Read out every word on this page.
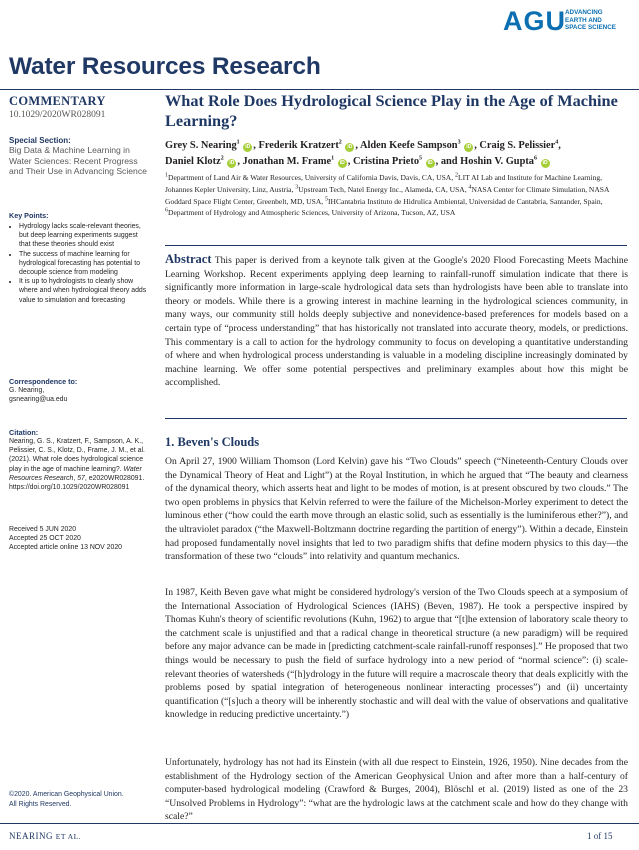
AGU ADVANCING
EARTH AND
SPACE SCIENCE
Water Resources Research
COMMENTARY
10.1029/2020WR028091
Special Section:
Big Data & Machine Learning in Water Sciences: Recent Progress and Their Use in Advancing Science
Key Points:
• Hydrology lacks scale-relevant theories, but deep learning experiments suggest that these theories should exist
• The success of machine learning for hydrological forecasting has potential to decouple science from modeling
• It is up to hydrologists to clearly show where and when hydrological theory adds value to simulation and forecasting
Correspondence to:
G. Nearing,
gsnearing@ua.edu
Citation:
Nearing, G. S., Kratzert, F., Sampson, A. K., Pelissier, C. S., Klotz, D., Frame, J. M., et al. (2021). What role does hydrological science play in the age of machine learning?. Water Resources Research, 57, e2020WR028091. https://doi.org/10.1029/2020WR028091
Received 5 JUN 2020
Accepted 25 OCT 2020
Accepted article online 13 NOV 2020
©2020. American Geophysical Union.
All Rights Reserved.
What Role Does Hydrological Science Play in the Age of Machine Learning?
Grey S. Nearing$^1$ iD , Frederik Kratzert$^2$ iD , Alden Keefe Sampson$^3$ iD , Craig S. Pelissier$^4$,
Daniel Klotz$^2$ iD , Jonathan M. Frame$^1$ iD , Cristina Prieto$^5$ iD , and Hoshin V. Gupta$^6$ iD
$^1$Department of Land Air & Water Resources, University of California Davis, Davis, CA, USA, $^2$LIT AI Lab and Institute for Machine Learning, Johannes Kepler University, Linz, Austria, $^3$Upstream Tech, Natel Energy Inc., Alameda, CA, USA, $^4$NASA Center for Climate Simulation, NASA Goddard Space Flight Center, Greenbelt, MD, USA, $^5$IHCantabria Instituto de Hidrulica Ambiental, Universidad de Cantabria, Santander, Spain, $^6$Department of Hydrology and Atmospheric Sciences, University of Arizona, Tucson, AZ, USA
Abstract This paper is derived from a keynote talk given at the Google's 2020 Flood Forecasting Meets Machine Learning Workshop. Recent experiments applying deep learning to rainfall-runoff simulation indicate that there is significantly more information in large-scale hydrological data sets than hydrologists have been able to translate into theory or models. While there is a growing interest in machine learning in the hydrological sciences community, in many ways, our community still holds deeply subjective and nonevidence-based preferences for models based on a certain type of “process understanding” that has historically not translated into accurate theory, models, or predictions. This commentary is a call to action for the hydrology community to focus on developing a quantitative understanding of where and when hydrological process understanding is valuable in a modeling discipline increasingly dominated by machine learning. We offer some potential perspectives and preliminary examples about how this might be accomplished.
1. Beven's Clouds
On April 27, 1900 William Thomson (Lord Kelvin) gave his “Two Clouds” speech (“Nineteenth-Century Clouds over the Dynamical Theory of Heat and Light”) at the Royal Institution, in which he argued that “The beauty and clearness of the dynamical theory, which asserts heat and light to be modes of motion, is at present obscured by two clouds.” The two open problems in physics that Kelvin referred to were the failure of the Michelson-Morley experiment to detect the luminous ether (“how could the earth move through an elastic solid, such as essentially is the luminiferous ether?”), and the ultraviolet paradox (“the Maxwell-Boltzmann doctrine regarding the partition of energy”). Within a decade, Einstein had proposed fundamentally novel insights that led to two paradigm shifts that define modern physics to this day—the transformation of these two “clouds” into relativity and quantum mechanics.
In 1987, Keith Beven gave what might be considered hydrology's version of the Two Clouds speech at a symposium of the International Association of Hydrological Sciences (IAHS) (Beven, 1987). He took a perspective inspired by Thomas Kuhn's theory of scientific revolutions (Kuhn, 1962) to argue that “[t]he extension of laboratory scale theory to the catchment scale is unjustified and that a radical change in theoretical structure (a new paradigm) will be required before any major advance can be made in [predicting catchment-scale rainfall-runoff responses].” He proposed that two things would be necessary to push the field of surface hydrology into a new period of “normal science”: (i) scale-relevant theories of watersheds (“[h]ydrology in the future will require a macroscale theory that deals explicitly with the problems posed by spatial integration of heterogeneous nonlinear interacting processes”) and (ii) uncertainty quantification (“[s]uch a theory will be inherently stochastic and will deal with the value of observations and qualitative knowledge in reducing predictive uncertainty.”)
Unfortunately, hydrology has not had its Einstein (with all due respect to Einstein, 1926, 1950). Nine decades from the establishment of the Hydrology section of the American Geophysical Union and after more than a half-century of computer-based hydrological modeling (Crawford & Burges, 2004), Blöschl et al. (2019) listed as one of the 23 “Unsolved Problems in Hydrology”: “what are the hydrologic laws at the catchment scale and how do they change with scale?”
NEARING ET AL.	1 of 15
